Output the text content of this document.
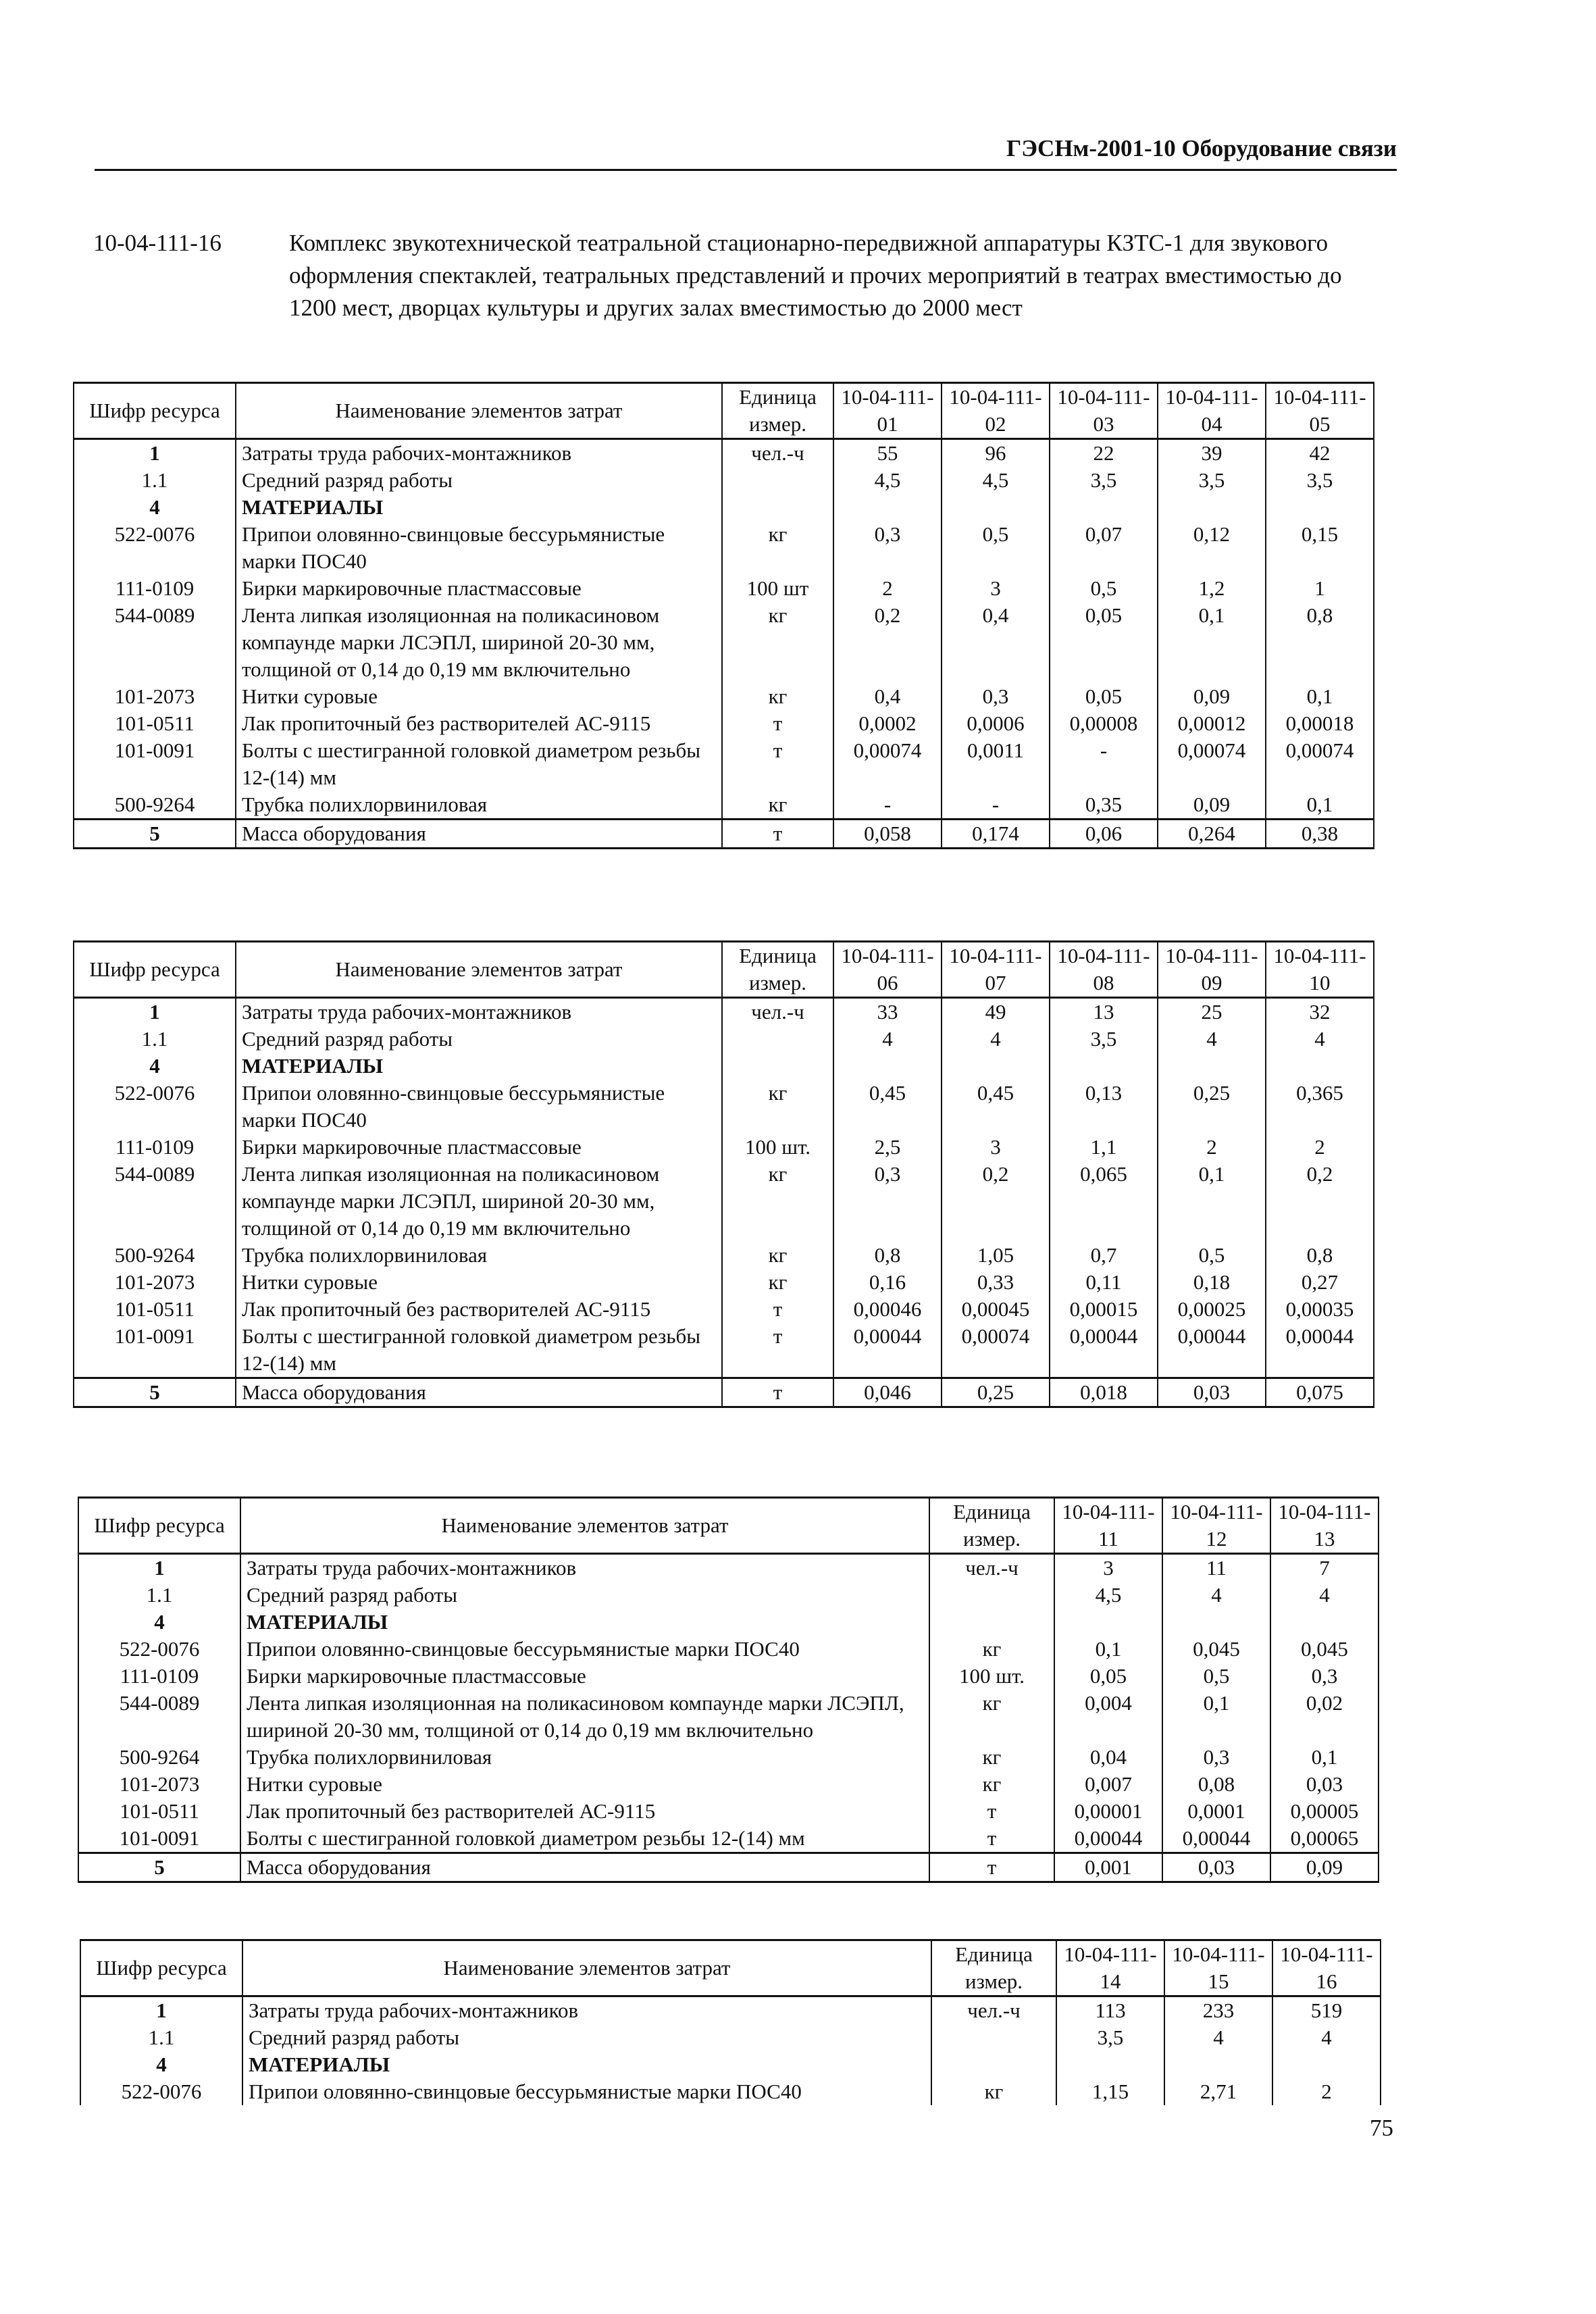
ГЭСНм-2001-10 Оборудование связи
10-04-111-16	Комплекс звукотехнической театральной стационарно-передвижной аппаратуры КЗТС-1 для звукового оформления спектаклей, театральных представлений и прочих мероприятий в театрах вместимостью до 1200 мест, дворцах культуры и других залах вместимостью до 2000 мест
Шифр ресурса	Наименование элементов затрат	Единица измер.	10-04-111-01	10-04-111-02	10-04-111-03	10-04-111-04	10-04-111-05
1	Затраты труда рабочих-монтажников	чел.-ч	55	96	22	39	42
1.1	Средний разряд работы		4,5	4,5	3,5	3,5	3,5
4	МАТЕРИАЛЫ						
522-0076	Припои оловянно-свинцовые бессурьмянистые марки ПОС40	кг	0,3	0,5	0,07	0,12	0,15
111-0109	Бирки маркировочные пластмассовые	100 шт	2	3	0,5	1,2	1
544-0089	Лента липкая изоляционная на поликасиновом компаунде марки ЛСЭПЛ, шириной 20-30 мм, толщиной от 0,14 до 0,19 мм включительно	кг	0,2	0,4	0,05	0,1	0,8
101-2073	Нитки суровые	кг	0,4	0,3	0,05	0,09	0,1
101-0511	Лак пропиточный без растворителей АС-9115	т	0,0002	0,0006	0,00008	0,00012	0,00018
101-0091	Болты с шестигранной головкой диаметром резьбы 12-(14) мм	т	0,00074	0,0011	-	0,00074	0,00074
500-9264	Трубка полихлорвиниловая	кг	-	-	0,35	0,09	0,1
5	Масса оборудования	т	0,058	0,174	0,06	0,264	0,38
Шифр ресурса	Наименование элементов затрат	Единица измер.	10-04-111-06	10-04-111-07	10-04-111-08	10-04-111-09	10-04-111-10
1	Затраты труда рабочих-монтажников	чел.-ч	33	49	13	25	32
1.1	Средний разряд работы		4	4	3,5	4	4
4	МАТЕРИАЛЫ						
522-0076	Припои оловянно-свинцовые бессурьмянистые марки ПОС40	кг	0,45	0,45	0,13	0,25	0,365
111-0109	Бирки маркировочные пластмассовые	100 шт.	2,5	3	1,1	2	2
544-0089	Лента липкая изоляционная на поликасиновом компаунде марки ЛСЭПЛ, шириной 20-30 мм, толщиной от 0,14 до 0,19 мм включительно	кг	0,3	0,2	0,065	0,1	0,2
500-9264	Трубка полихлорвиниловая	кг	0,8	1,05	0,7	0,5	0,8
101-2073	Нитки суровые	кг	0,16	0,33	0,11	0,18	0,27
101-0511	Лак пропиточный без растворителей АС-9115	т	0,00046	0,00045	0,00015	0,00025	0,00035
101-0091	Болты с шестигранной головкой диаметром резьбы 12-(14) мм	т	0,00044	0,00074	0,00044	0,00044	0,00044
5	Масса оборудования	т	0,046	0,25	0,018	0,03	0,075
Шифр ресурса	Наименование элементов затрат	Единица измер.	10-04-111-11	10-04-111-12	10-04-111-13
1	Затраты труда рабочих-монтажников	чел.-ч	3	11	7
1.1	Средний разряд работы		4,5	4	4
4	МАТЕРИАЛЫ				
522-0076	Припои оловянно-свинцовые бессурьмянистые марки ПОС40	кг	0,1	0,045	0,045
111-0109	Бирки маркировочные пластмассовые	100 шт.	0,05	0,5	0,3
544-0089	Лента липкая изоляционная на поликасиновом компаунде марки ЛСЭПЛ, шириной 20-30 мм, толщиной от 0,14 до 0,19 мм включительно	кг	0,004	0,1	0,02
500-9264	Трубка полихлорвиниловая	кг	0,04	0,3	0,1
101-2073	Нитки суровые	кг	0,007	0,08	0,03
101-0511	Лак пропиточный без растворителей АС-9115	т	0,00001	0,0001	0,00005
101-0091	Болты с шестигранной головкой диаметром резьбы 12-(14) мм	т	0,00044	0,00044	0,00065
5	Масса оборудования	т	0,001	0,03	0,09
Шифр ресурса	Наименование элементов затрат	Единица измер.	10-04-111-14	10-04-111-15	10-04-111-16
1	Затраты труда рабочих-монтажников	чел.-ч	113	233	519
1.1	Средний разряд работы		3,5	4	4
4	МАТЕРИАЛЫ				
522-0076	Припои оловянно-свинцовые бессурьмянистые марки ПОС40	кг	1,15	2,71	2
75
